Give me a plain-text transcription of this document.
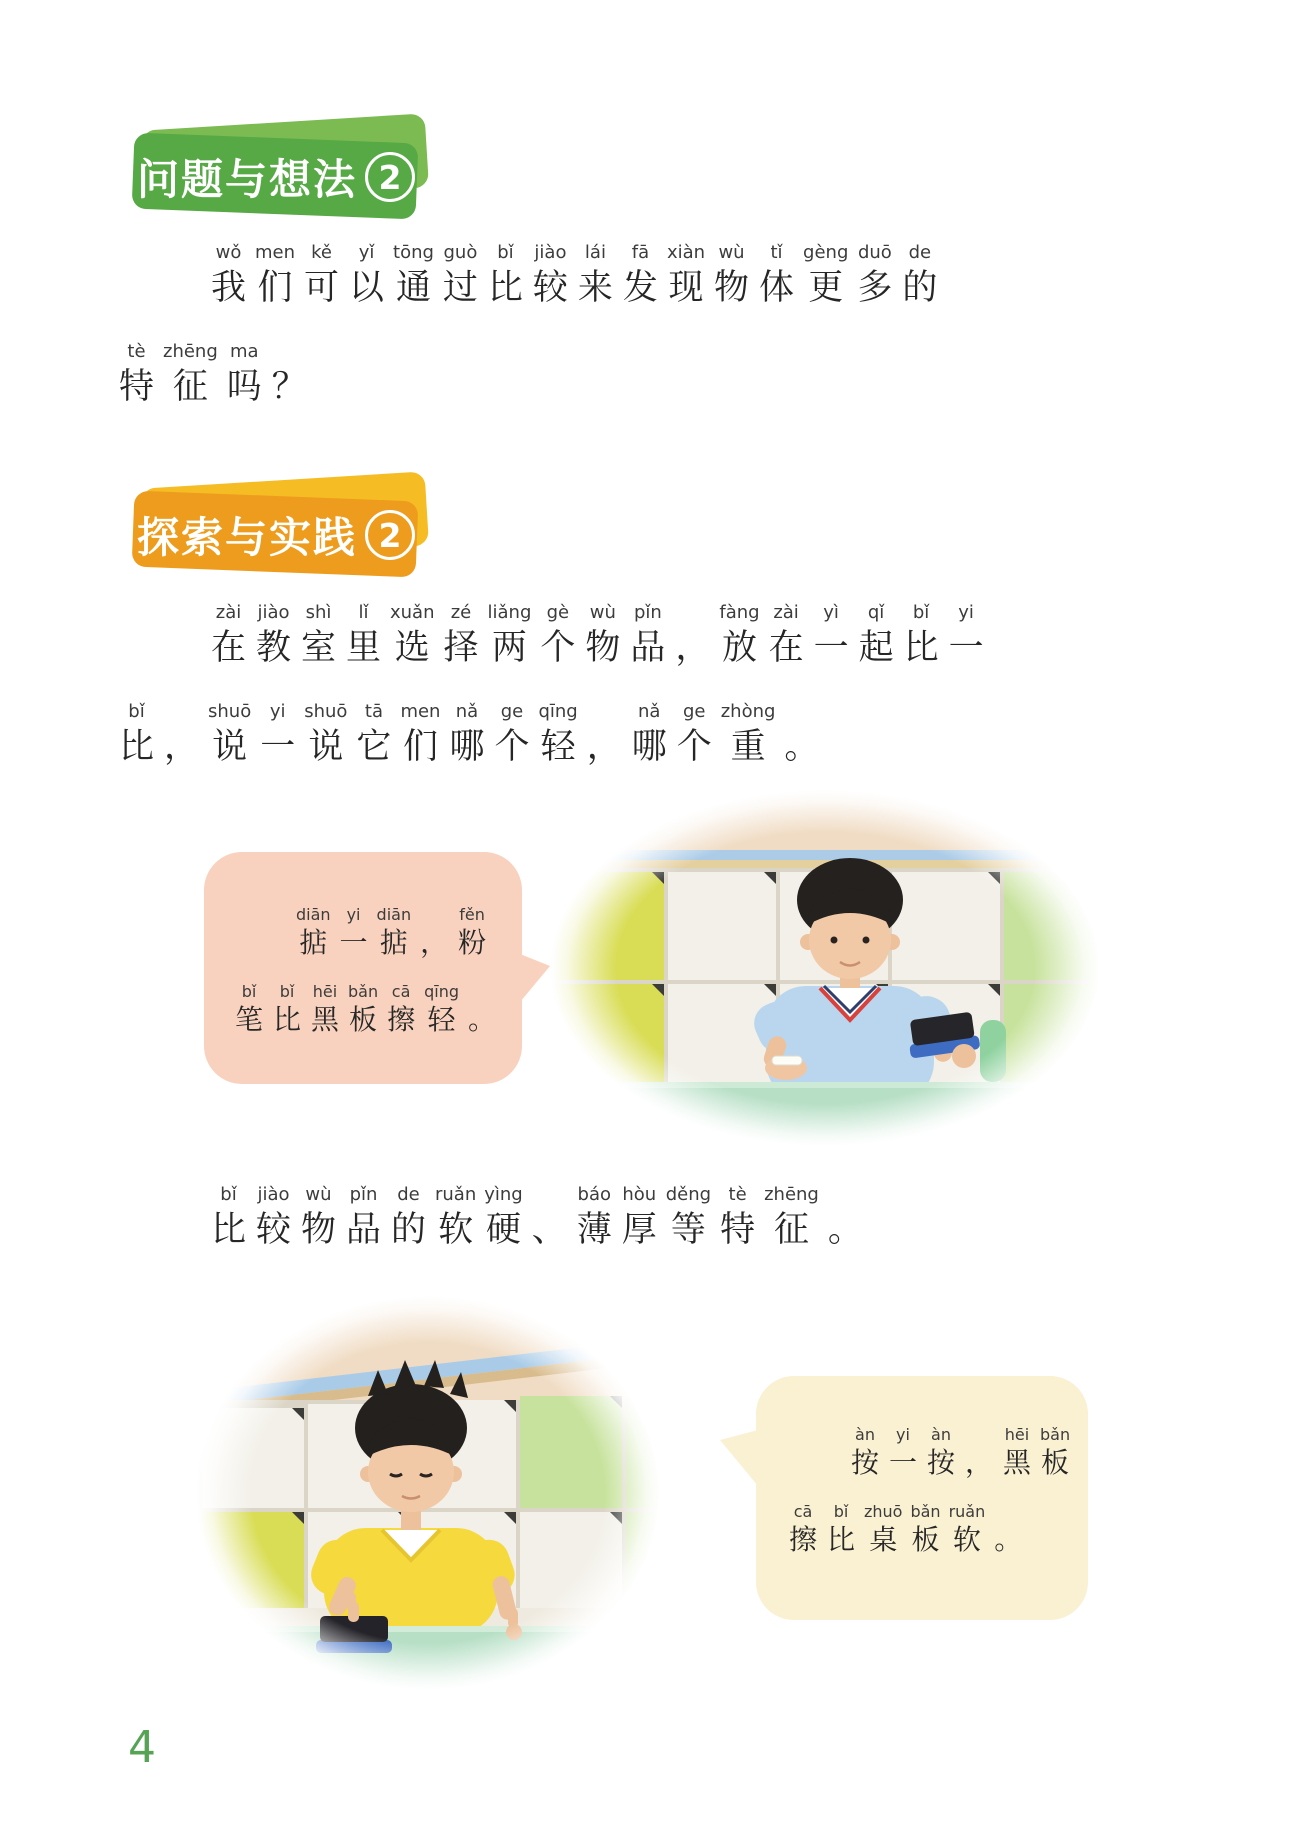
问题与想法 2
wǒ
我
men
们
kě
可
yǐ
以
tōng
通
guò
过
bǐ
比
jiào
较
lái
来
fā
发
xiàn
现
wù
物
tǐ
体
gèng
更
duō
多
de
的
tè
特
zhēng
征
ma
吗 ？
探索与实践 2
zài
在
jiào
教
shì
室
lǐ
里
xuǎn
选
zé
择
liǎng
两
gè
个
wù
物
pǐn
品 ，
fàng
放
zài
在
yì
一
qǐ
起
bǐ
比
yi
一
bǐ
比 ，
shuō
说
yi
一
shuō
说
tā
它
men
们
nǎ
哪
ge
个
qīng
轻 ，
nǎ
哪
ge
个
zhòng
重 。
diān
掂
yi
一
diān
掂 ，
fěn
粉
bǐ
笔
bǐ
比
hēi
黑
bǎn
板
cā
擦
qīng
轻 。
bǐ
比
jiào
较
wù
物
pǐn
品
de
的
ruǎn
软
yìng
硬 、
báo
薄
hòu
厚
děng
等
tè
特
zhēng
征 。
àn
按
yi
一
àn
按 ，
hēi
黑
bǎn
板
cā
擦
bǐ
比
zhuō
桌
bǎn
板
ruǎn
软 。
4
